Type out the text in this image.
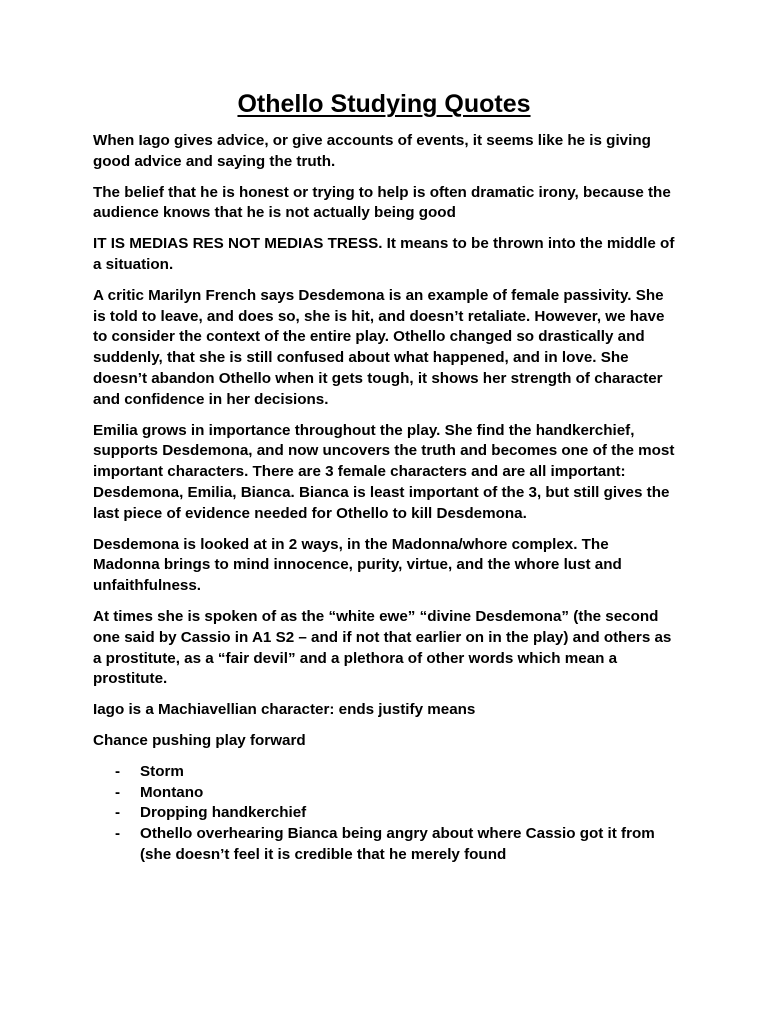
Othello Studying Quotes

When Iago gives advice, or give accounts of events, it seems like he is giving good advice and saying the truth.

The belief that he is honest or trying to help is often dramatic irony, because the audience knows that he is not actually being good

IT IS MEDIAS RES NOT MEDIAS TRESS. It means to be thrown into the middle of a situation.

A critic Marilyn French says Desdemona is an example of female passivity. She is told to leave, and does so, she is hit, and doesn’t retaliate. However, we have to consider the context of the entire play. Othello changed so drastically and suddenly, that she is still confused about what happened, and in love. She doesn’t abandon Othello when it gets tough, it shows her strength of character and confidence in her decisions.

Emilia grows in importance throughout the play. She find the handkerchief, supports Desdemona, and now uncovers the truth and becomes one of the most important characters. There are 3 female characters and are all important: Desdemona, Emilia, Bianca. Bianca is least important of the 3, but still gives the last piece of evidence needed for Othello to kill Desdemona.

Desdemona is looked at in 2 ways, in the Madonna/whore complex. The Madonna brings to mind innocence, purity, virtue, and the whore lust and unfaithfulness.

At times she is spoken of as the “white ewe” “divine Desdemona” (the second one said by Cassio in A1 S2 – and if not that earlier on in the play) and others as a prostitute, as a “fair devil” and a plethora of other words which mean a prostitute.

Iago is a Machiavellian character: ends justify means

Chance pushing play forward

- Storm
- Montano
- Dropping handkerchief
- Othello overhearing Bianca being angry about where Cassio got it from (she doesn’t feel it is credible that he merely found
